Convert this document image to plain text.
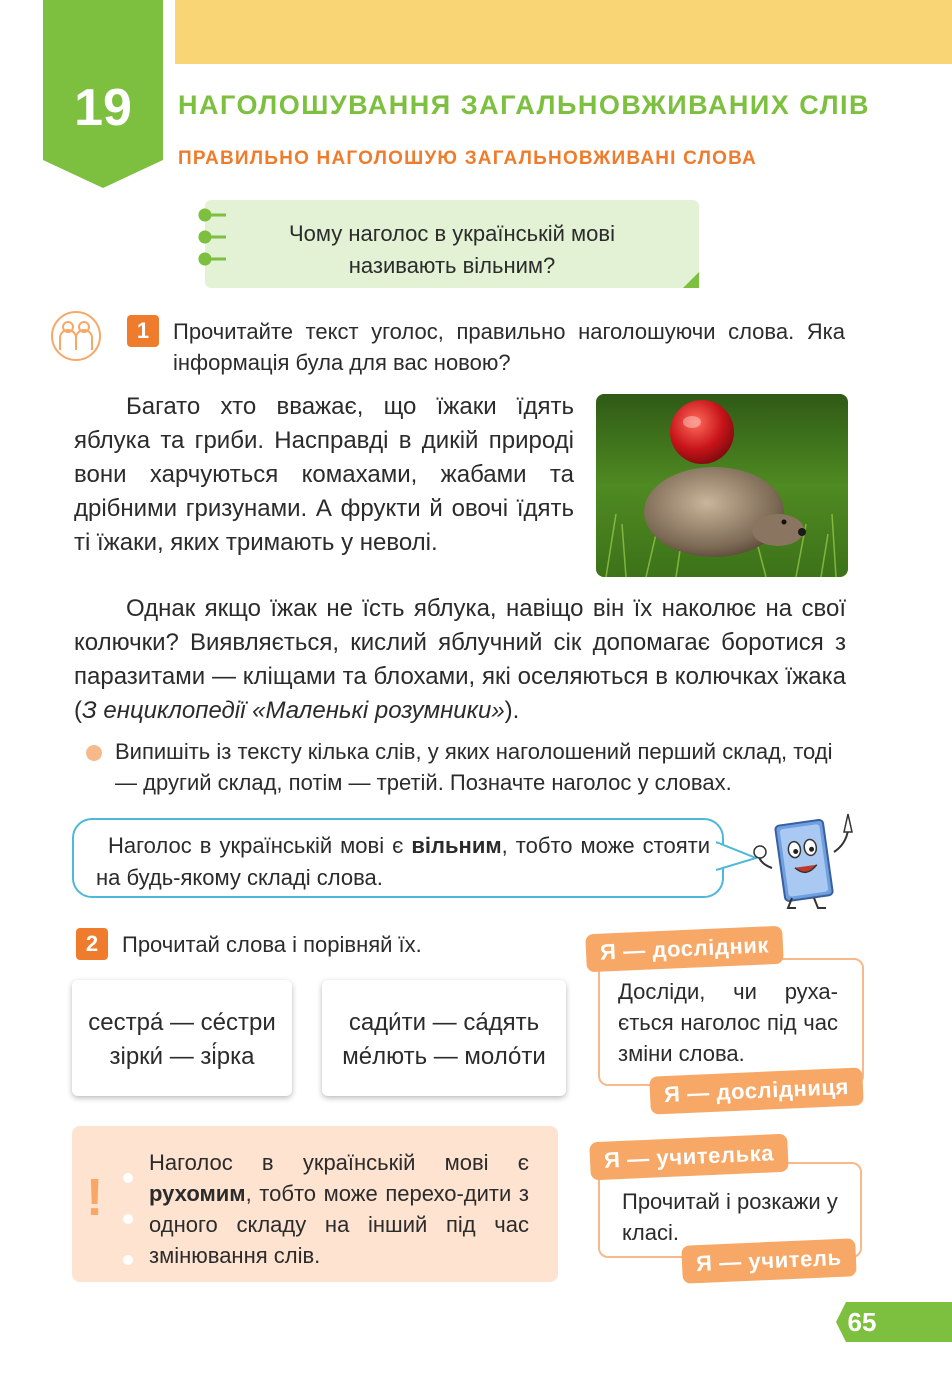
19	НАГОЛОШУВАННЯ ЗАГАЛЬНОВЖИВАНИХ СЛІВ
ПРАВИЛЬНО НАГОЛОШУЮ ЗАГАЛЬНОВЖИВАНІ СЛОВА
Чому наголос в українській мові
називають вільним?
1	Прочитайте текст уголос, правильно наголошуючи слова. Яка інформація була для вас новою?
Багато хто вважає, що їжаки їдять яблука та гриби. Насправді в дикій природі вони харчуються комахами, жабами та дрібними гризунами. А фрукти й овочі їдять ті їжаки, яких тримають у неволі.
Однак якщо їжак не їсть яблука, навіщо він їх наколює на свої колючки? Виявляється, кислий яблучний сік допомагає боротися з паразитами — кліщами та блохами, які оселяються в колючках їжака (З енциклопедії «Маленькі розумники»).
Випишіть із тексту кілька слів, у яких наголошений перший склад, тоді — другий склад, потім — третій. Позначте наголос у словах.
Наголос в українській мові є вільним, тобто може стояти на будь-якому складі слова.
2	Прочитай слова і порівняй їх.
сестра́ — се́стри
зірки́ — зі́рка
сади́ти — са́дять
ме́лють — моло́ти
Досліди, чи руха-ється наголос під час зміни слова.
Я — дослідник
Я — дослідниця
!
Наголос в українській мові є рухомим, тобто може перехо-дити з одного складу на інший під час змінювання слів.
Прочитай і розкажи у класі.
Я — учителька
Я — учитель
65
